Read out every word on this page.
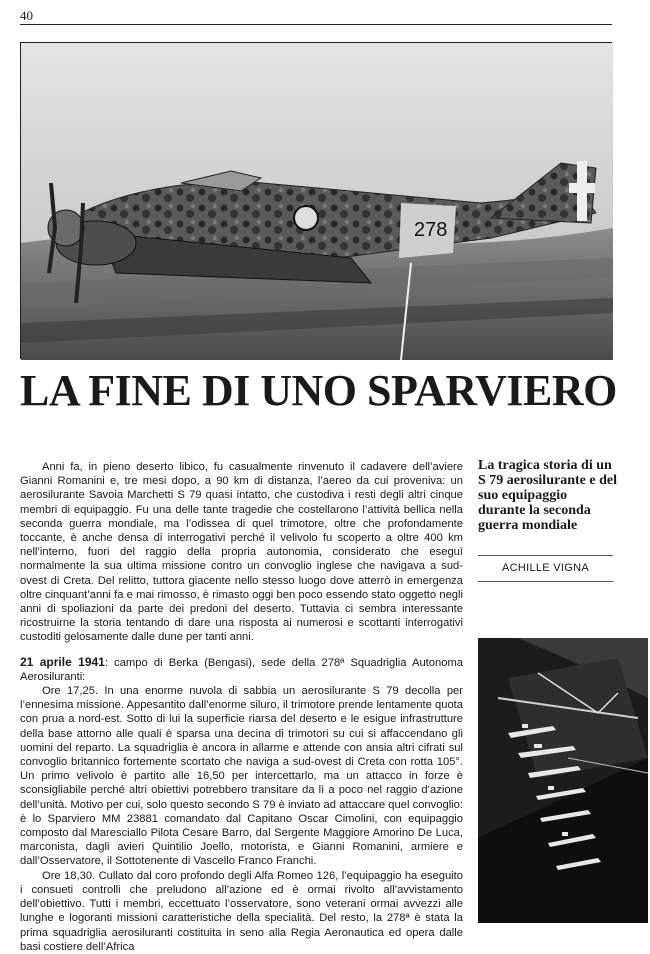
40
278
LA FINE DI UNO SPARVIERO

Anni fa, in pieno deserto libico, fu casualmente rinvenuto il cadavere dell’aviere Gianni Romanini e, tre mesi dopo, a 90 km di distanza, l’aereo da cui proveniva: un aerosilurante Savoia Marchetti S 79 quasi intatto, che custodiva i resti degli altri cinque membri di equipaggio. Fu una delle tante tragedie che costellarono l’attività bellica nella seconda guerra mondiale, ma l’odissea di quel trimotore, oltre che profondamente toccante, è anche densa di interrogativi perché il velivolo fu scoperto a oltre 400 km nell’interno, fuori del raggio della propria autonomia, considerato che eseguì normalmente la sua ultima missione contro un convoglio inglese che navigava a sud-ovest di Creta. Del relitto, tuttora giacente nello stesso luogo dove atterrò in emergenza oltre cinquant’anni fa e mai rimosso, è rimasto oggi ben poco essendo stato oggetto negli anni di spoliazioni da parte dei predoni del deserto. Tuttavia ci sembra interessante ricostruirne la storia tentando di dare una risposta ai numerosi e scottanti interrogativi custoditi gelosamente dalle dune per tanti anni.

21 aprile 1941: campo di Berka (Bengasi), sede della 278ª Squadriglia Autonoma Aerosiluranti:

Ore 17,25. In una enorme nuvola di sabbia un aerosilurante S 79 decolla per l’ennesima missione. Appesantito dall’enorme siluro, il trimotore prende lentamente quota con prua a nord-est. Sotto di lui la superficie riarsa del deserto e le esigue infrastrutture della base attorno alle quali è sparsa una decina di trimotori su cui si affaccendano gli uomini del reparto. La squadriglia è ancora in allarme e attende con ansia altri cifrati sul convoglio britannico fortemente scortato che naviga a sud-ovest di Creta con rotta 105°. Un primo velivolo è partito alle 16,50 per intercettarlo, ma un attacco in forze è sconsigliabile perché altri obiettivi potrebbero transitare da lì a poco nel raggio d’azione dell’unità. Motivo per cui, solo questo secondo S 79 è inviato ad attaccare quel convoglio: è lo Sparviero MM 23881 comandato dal Capitano Oscar Cimolini, con equipaggio composto dal Maresciallo Pilota Cesare Barro, dal Sergente Maggiore Amorino De Luca, marconista, dagli avieri Quintilio Joello, motorista, e Gianni Romanini, armiere e dall’Osservatore, il Sottotenente di Vascello Franco Franchi.

Ore 18,30. Cullato dal coro profondo degli Alfa Romeo 126, l’equipaggio ha eseguito i consueti controlli che preludono all’azione ed è ormai rivolto all’avvistamento dell’obiettivo. Tutti i membri, eccettuato l’osservatore, sono veterani ormai avvezzi alle lunghe e logoranti missioni caratteristiche della specialità. Del resto, la 278ª è stata la prima squadriglia aerosiluranti costituita in seno alla Regia Aeronautica ed opera dalle basi costiere dell’Africa

La tragica storia di un S 79 aerosilurante e del suo equipaggio durante la seconda guerra mondiale
ACHILLE VIGNA
